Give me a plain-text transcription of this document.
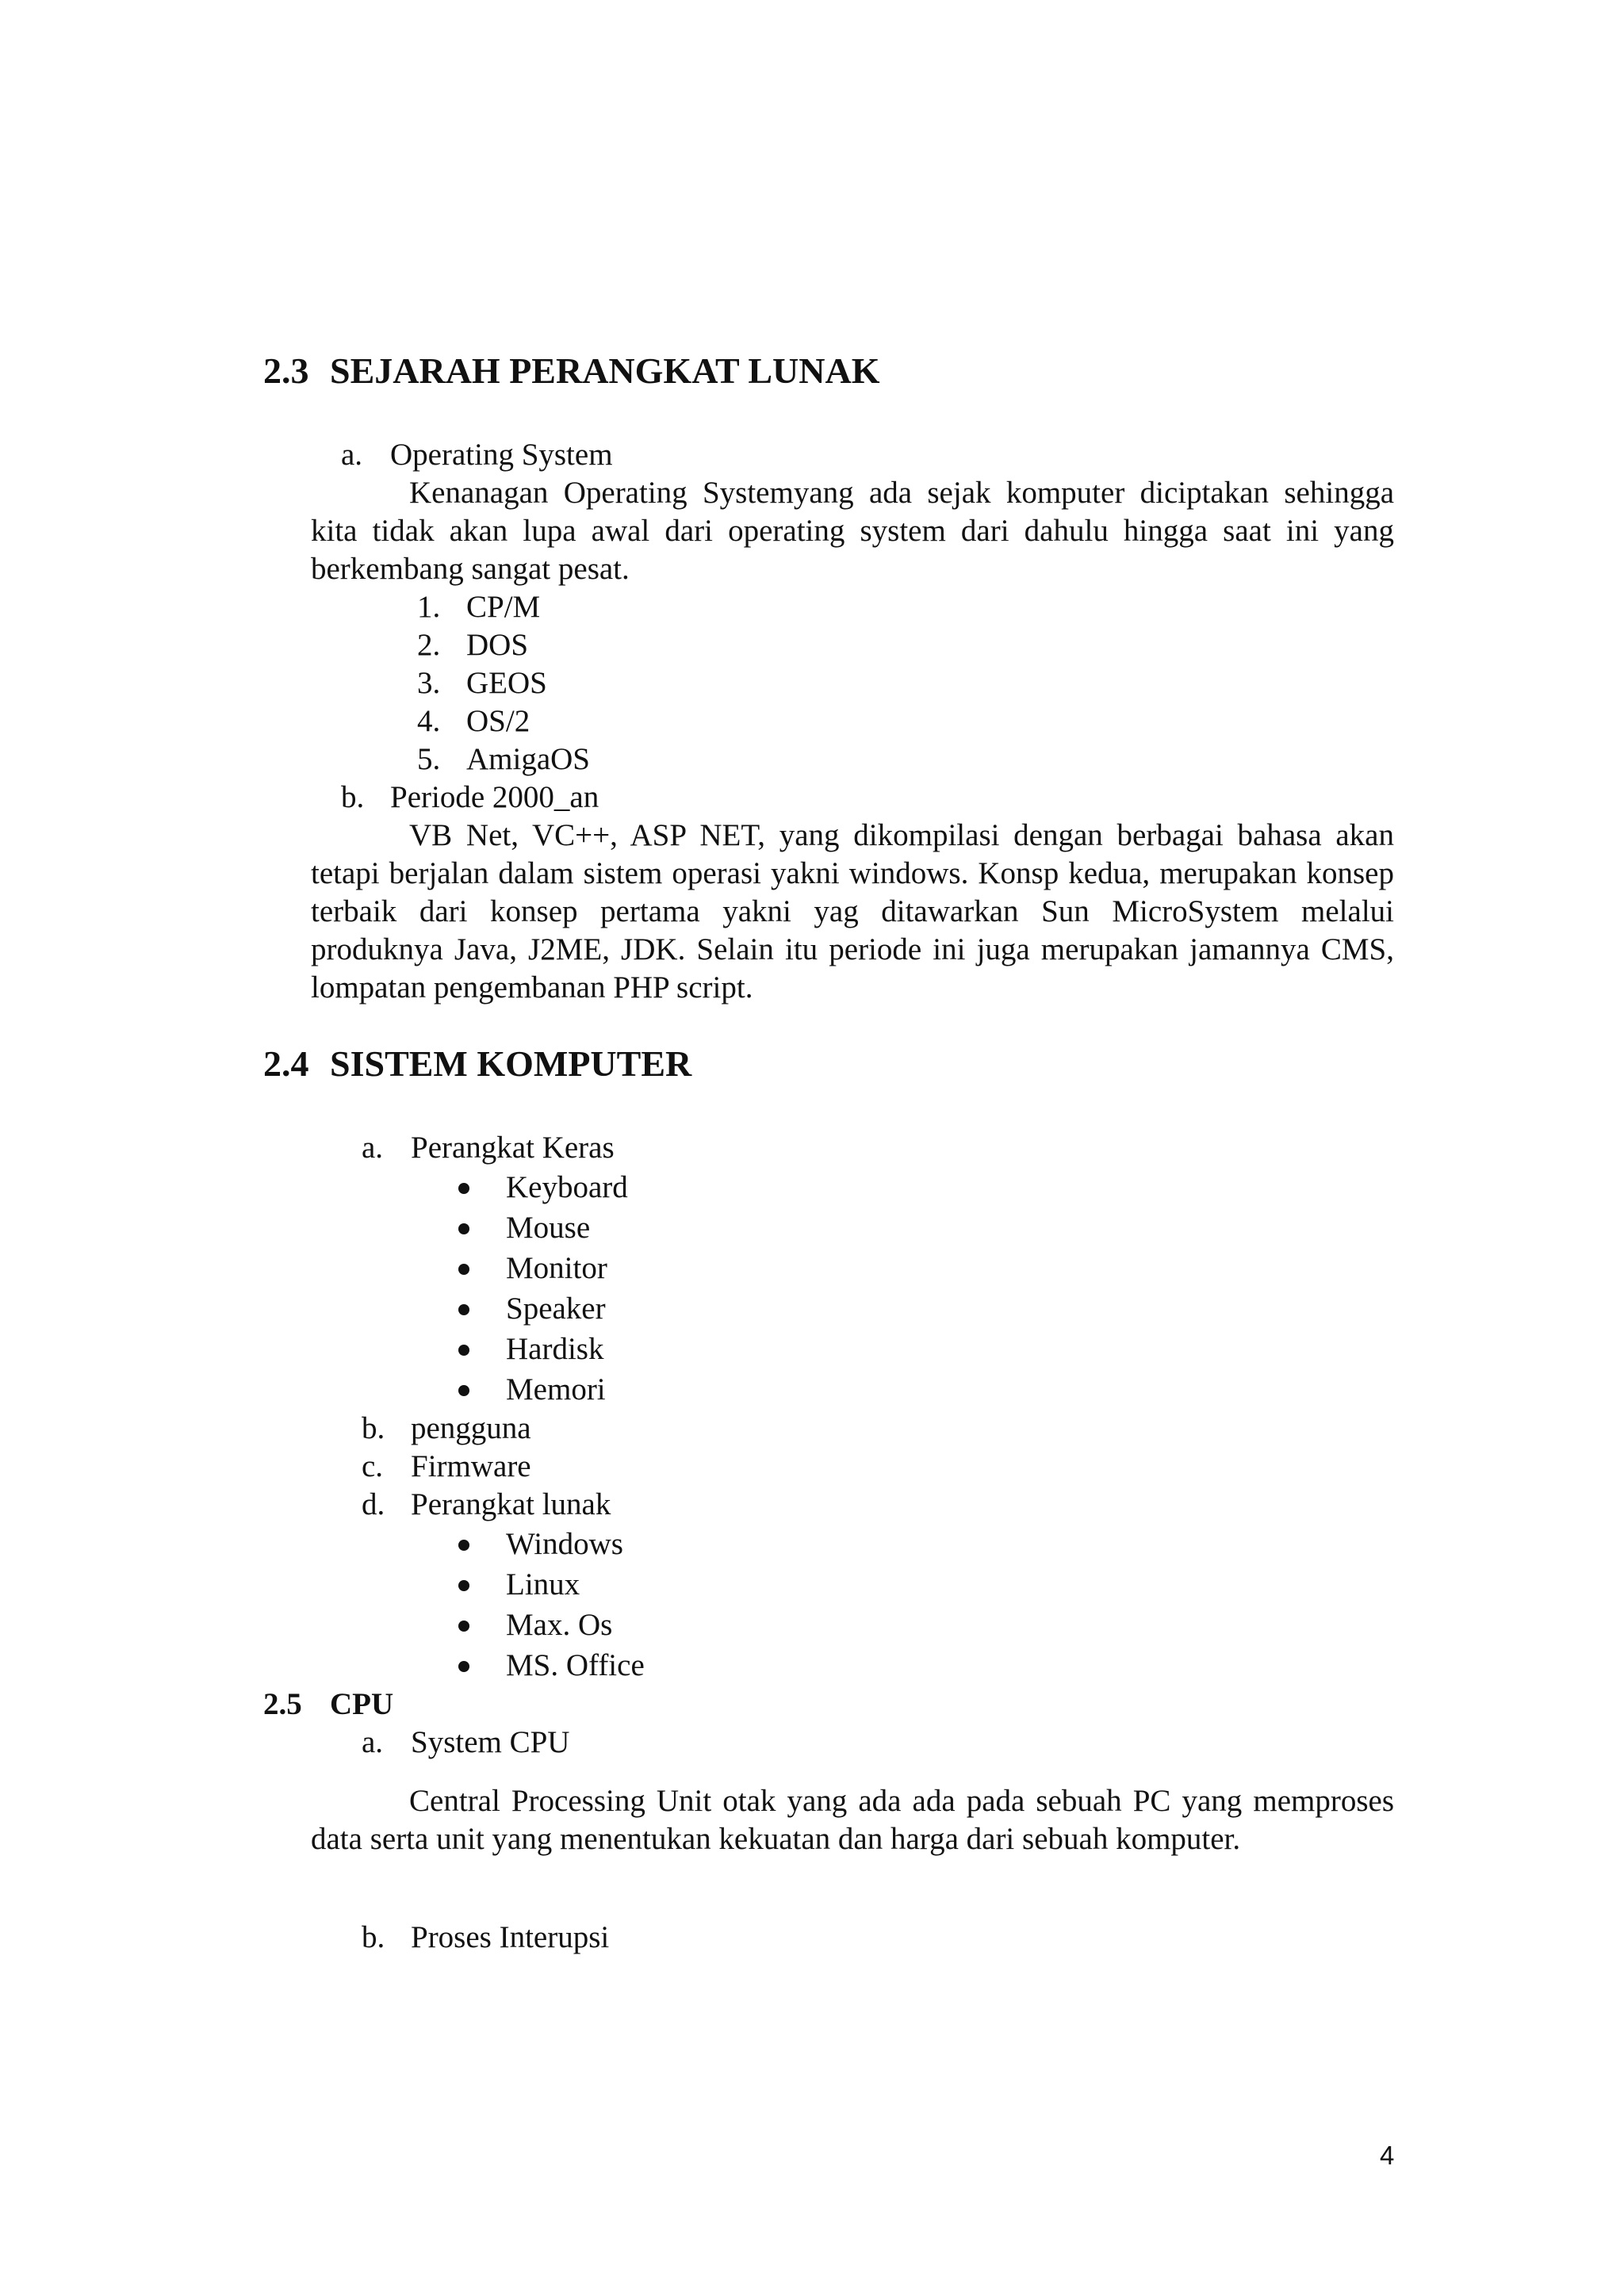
2.3 SEJARAH PERANGKAT LUNAK
a. Operating System
Kenanagan Operating Systemyang ada sejak komputer diciptakan sehingga kita tidak akan lupa awal dari operating system dari dahulu hingga saat ini yang berkembang sangat pesat.
1. CP/M
2. DOS
3. GEOS
4. OS/2
5. AmigaOS
b. Periode 2000_an
VB Net, VC++, ASP NET, yang dikompilasi dengan berbagai bahasa akan tetapi berjalan dalam sistem operasi yakni windows. Konsp kedua, merupakan konsep terbaik dari konsep pertama yakni yag ditawarkan Sun MicroSystem melalui produknya Java, J2ME, JDK. Selain itu periode ini juga merupakan jamannya CMS, lompatan pengembanan PHP script.
2.4 SISTEM KOMPUTER
a. Perangkat Keras
Keyboard
Mouse
Monitor
Speaker
Hardisk
Memori
b. pengguna
c. Firmware
d. Perangkat lunak
Windows
Linux
Max. Os
MS. Office
2.5 CPU
a. System CPU
Central Processing Unit otak yang ada ada pada sebuah PC yang memproses data serta unit yang menentukan kekuatan dan harga dari sebuah komputer.
b. Proses Interupsi
4
